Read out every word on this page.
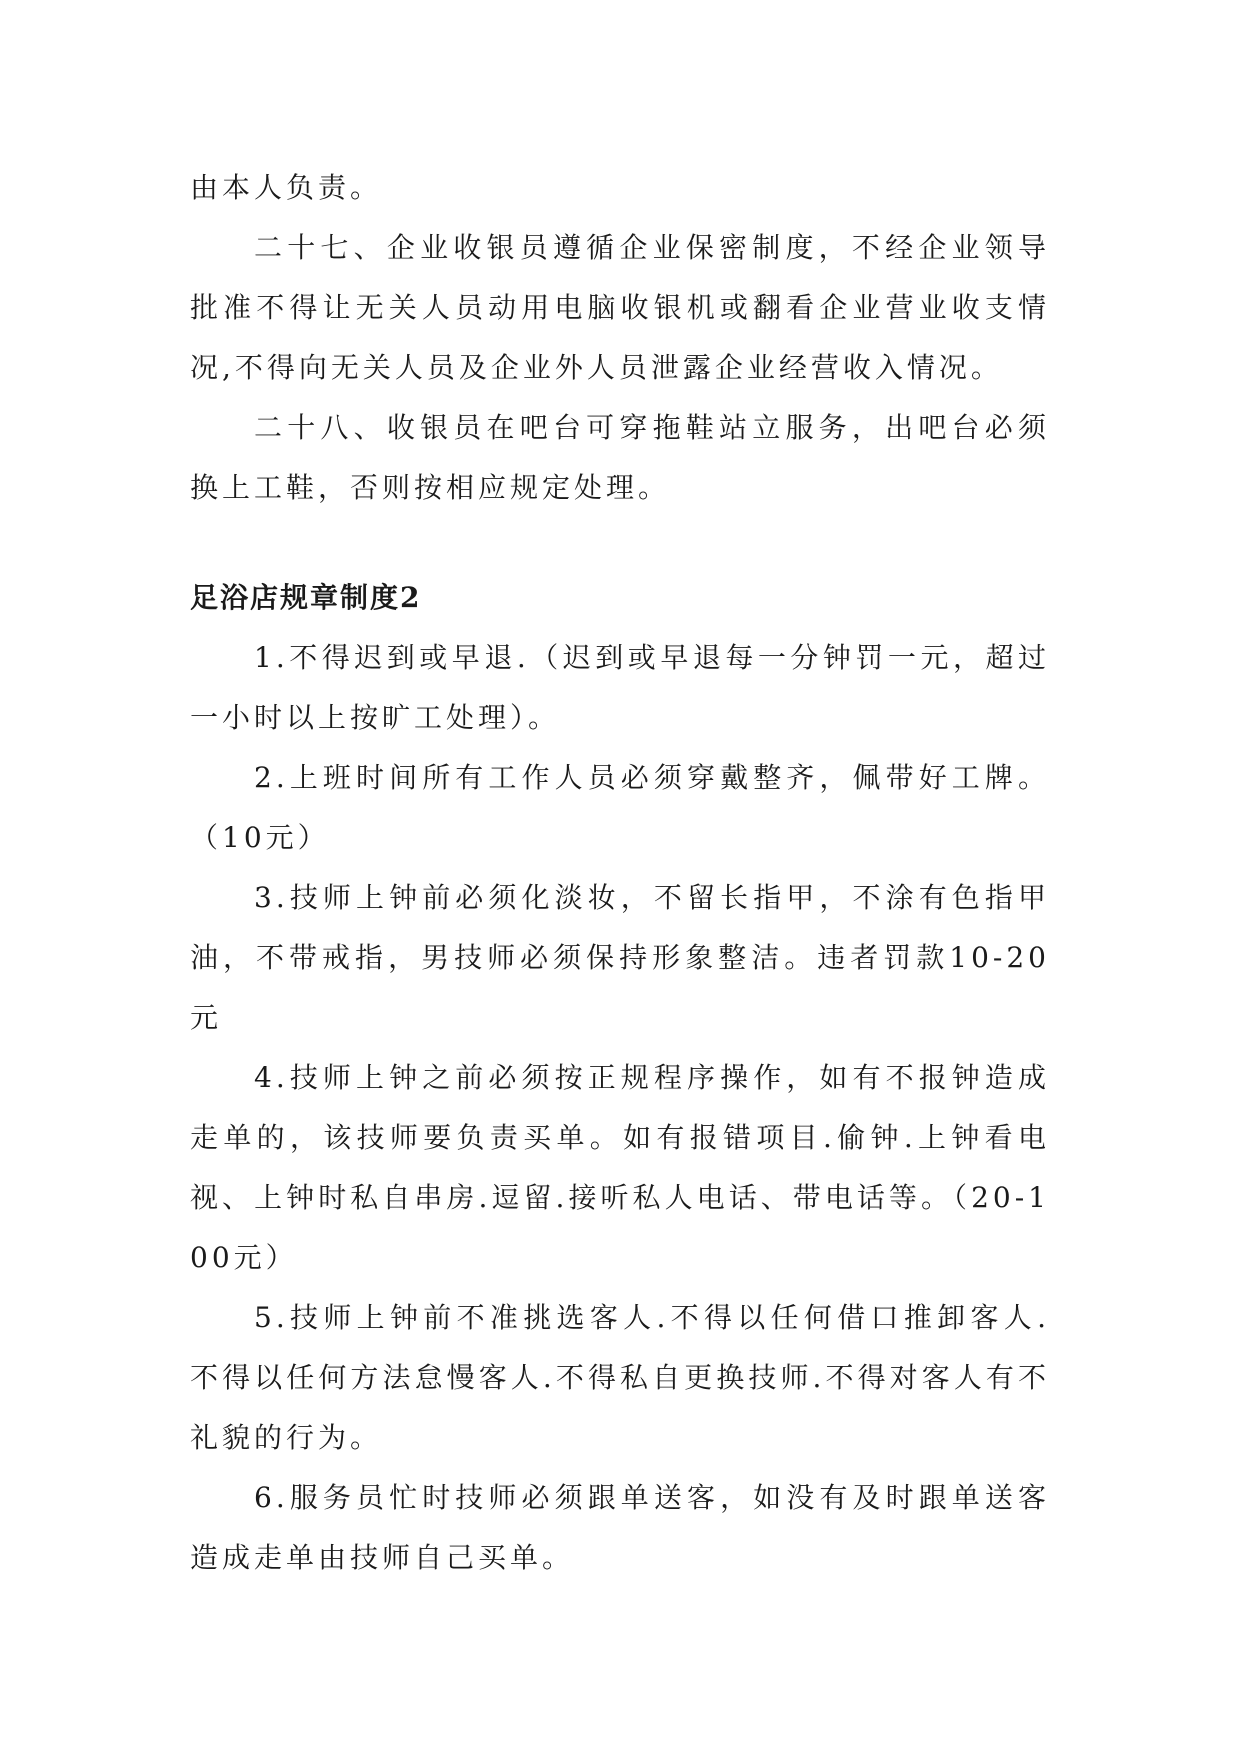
由本人负责。

二十七、企业收银员遵循企业保密制度，不经企业领导批准不得让无关人员动用电脑收银机或翻看企业营业收支情况,不得向无关人员及企业外人员泄露企业经营收入情况。

二十八、收银员在吧台可穿拖鞋站立服务，出吧台必须换上工鞋，否则按相应规定处理。

足浴店规章制度2

1.不得迟到或早退.（迟到或早退每一分钟罚一元，超过一小时以上按旷工处理）。

2.上班时间所有工作人员必须穿戴整齐，佩带好工牌。（10元）

3.技师上钟前必须化淡妆，不留长指甲，不涂有色指甲油，不带戒指，男技师必须保持形象整洁。违者罚款10-20元

4.技师上钟之前必须按正规程序操作，如有不报钟造成走单的，该技师要负责买单。如有报错项目.偷钟.上钟看电视、上钟时私自串房.逗留.接听私人电话、带电话等。（20-100元）

5.技师上钟前不准挑选客人.不得以任何借口推卸客人.不得以任何方法怠慢客人.不得私自更换技师.不得对客人有不礼貌的行为。

6.服务员忙时技师必须跟单送客，如没有及时跟单送客造成走单由技师自己买单。
